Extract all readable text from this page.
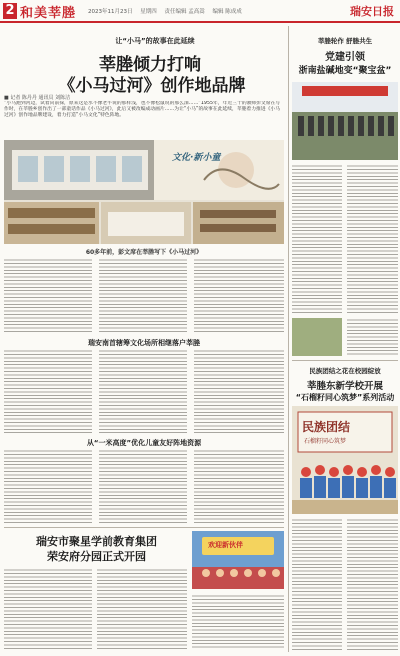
2 和美莘塍 2023年11月23日 星期四 责任编辑 孟高嵩 编辑 陈成成	瑞安日报
让“小马”的故事在此延续
莘塍倾力打响
《小马过河》创作地品牌
■ 记者 陈丹丹 通讯员 刘陈洁
“小马跑到河边，试着向前探，原来这是水不像老牛说的那样浅，也不像松鼠说的那么深……”1955年，年近三十的教师彭文席在写作时，在莘塍乡创作出了一部童话作品《小马过河》，此后又被改编成动画片……为让“小马”的故事在此延续，莘塍着力推进《小马过河》创作地品牌建设，着力打造“小马文化”特色阵地。
文化·新小童
60多年前，彭文席在莘塍写下《小马过河》
瑞安南首辖筹文化场所相继落户莘塍
从“一米高度”优化儿童友好阵地资源
瑞安市聚星学前教育集团
荣安府分园正式开园
欢迎新伙伴
莘塍轮作 舒塍共生
党建引领
浙南盐碱地变“聚宝盆”
民族团结之花在校园绽放
莘塍东新学校开展
“石榴籽同心筑梦”系列活动
民族团结
石榴籽同心筑梦
